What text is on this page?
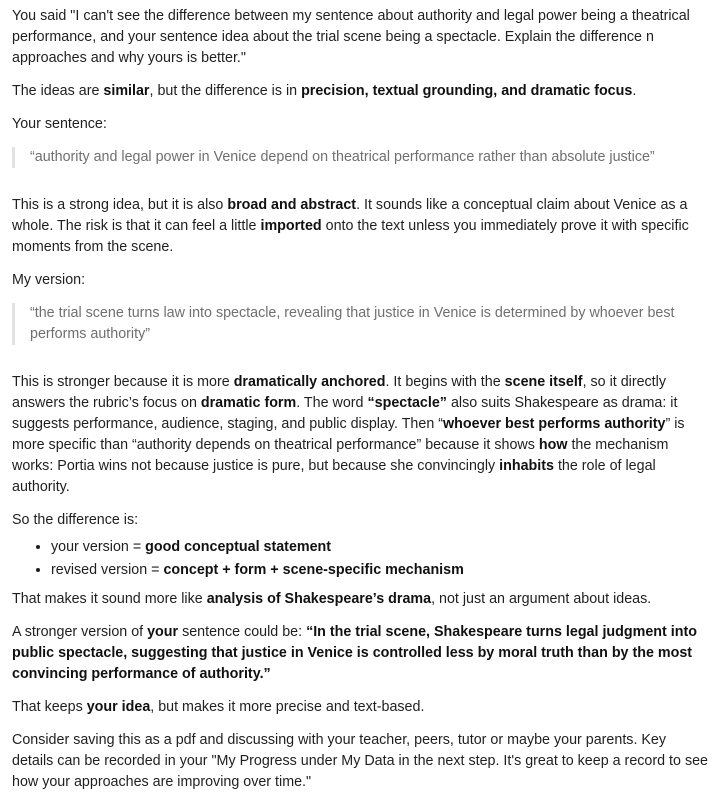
You said "I can't see the difference between my sentence about authority and legal power being a theatrical performance, and your sentence idea about the trial scene being a spectacle. Explain the difference n approaches and why yours is better."

The ideas are similar, but the difference is in precision, textual grounding, and dramatic focus.

Your sentence:

“authority and legal power in Venice depend on theatrical performance rather than absolute justice”

This is a strong idea, but it is also broad and abstract. It sounds like a conceptual claim about Venice as a whole. The risk is that it can feel a little imported onto the text unless you immediately prove it with specific moments from the scene.

My version:

“the trial scene turns law into spectacle, revealing that justice in Venice is determined by whoever best performs authority”

This is stronger because it is more dramatically anchored. It begins with the scene itself, so it directly answers the rubric’s focus on dramatic form. The word “spectacle” also suits Shakespeare as drama: it suggests performance, audience, staging, and public display. Then “whoever best performs authority” is more specific than “authority depends on theatrical performance” because it shows how the mechanism works: Portia wins not because justice is pure, but because she convincingly inhabits the role of legal authority.

So the difference is:

• your version = good conceptual statement
• revised version = concept + form + scene-specific mechanism

That makes it sound more like analysis of Shakespeare’s drama, not just an argument about ideas.

A stronger version of your sentence could be: “In the trial scene, Shakespeare turns legal judgment into public spectacle, suggesting that justice in Venice is controlled less by moral truth than by the most convincing performance of authority.”

That keeps your idea, but makes it more precise and text-based.

Consider saving this as a pdf and discussing with your teacher, peers, tutor or maybe your parents. Key details can be recorded in your "My Progress under My Data in the next step. It's great to keep a record to see how your approaches are improving over time."
